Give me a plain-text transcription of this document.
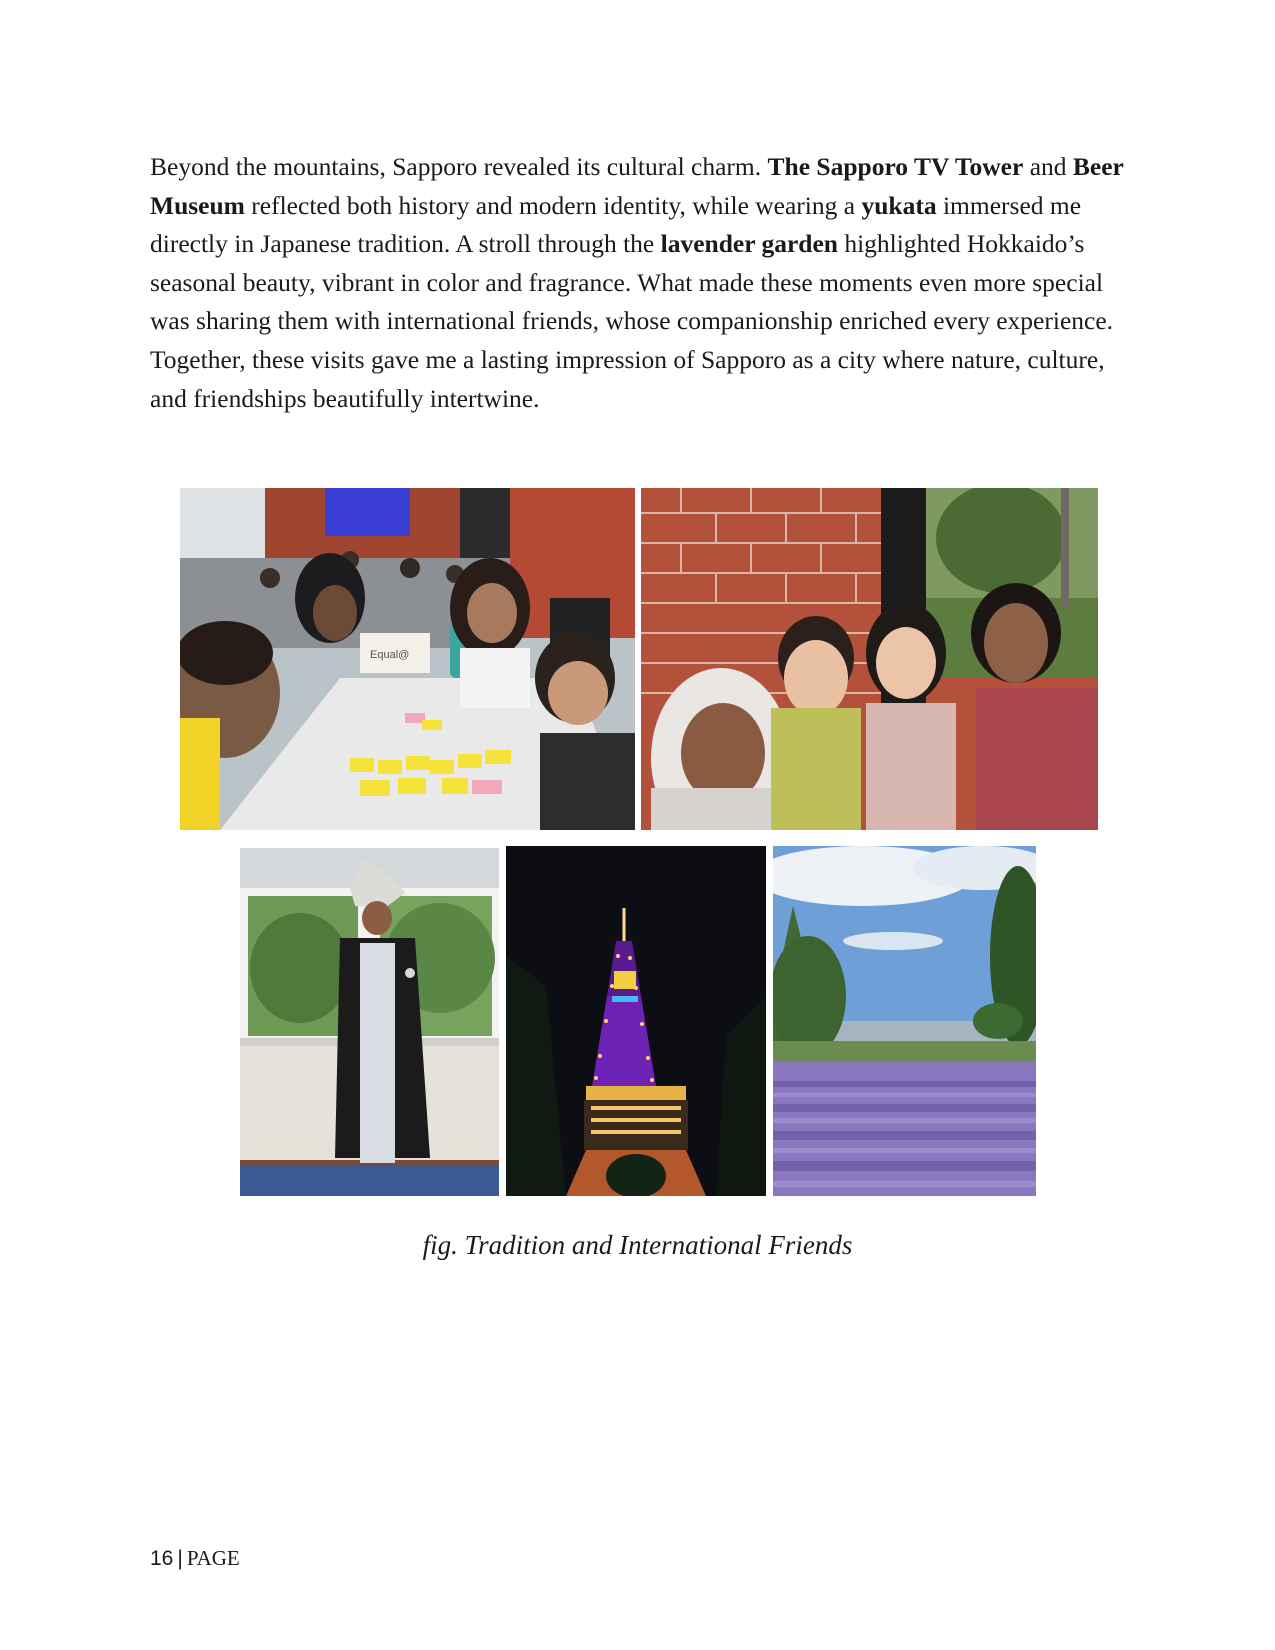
Beyond the mountains, Sapporo revealed its cultural charm. The Sapporo TV Tower and Beer Museum reflected both history and modern identity, while wearing a yukata immersed me directly in Japanese tradition. A stroll through the lavender garden highlighted Hokkaido’s seasonal beauty, vibrant in color and fragrance. What made these moments even more special was sharing them with international friends, whose companionship enriched every experience. Together, these visits gave me a lasting impression of Sapporo as a city where nature, culture, and friendships beautifully intertwine.

Equal@

fig. Tradition and International Friends

16 | PAGE
